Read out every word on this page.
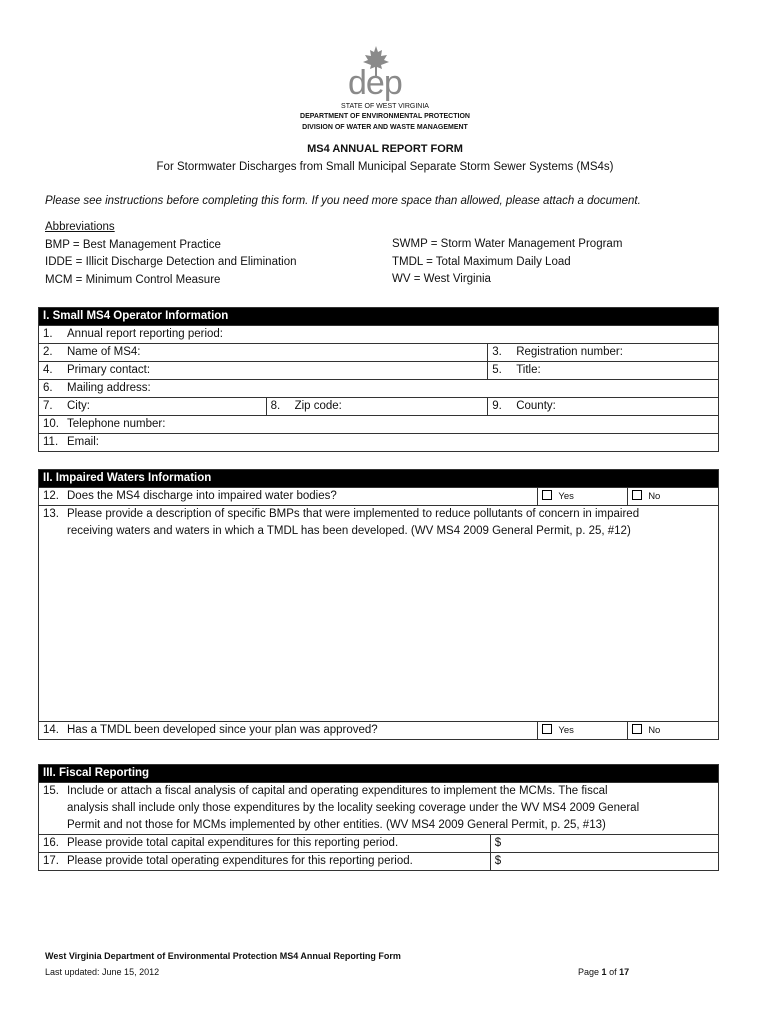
dep
STATE OF WEST VIRGINIA
DEPARTMENT OF ENVIRONMENTAL PROTECTION
DIVISION OF WATER AND WASTE MANAGEMENT
MS4 ANNUAL REPORT FORM
For Stormwater Discharges from Small Municipal Separate Storm Sewer Systems (MS4s)
Please see instructions before completing this form. If you need more space than allowed, please attach a document.
Abbreviations
BMP = Best Management Practice
IDDE = Illicit Discharge Detection and Elimination
MCM = Minimum Control Measure
SWMP = Storm Water Management Program
TMDL = Total Maximum Daily Load
WV = West Virginia
I. Small MS4 Operator Information		
1. Annual report reporting period:		
2. Name of MS4:		3. Registration number:
4. Primary contact:		5. Title:
6. Mailing address:		
7. City:	8. Zip code:	9. County:
10. Telephone number:		
11. Email:		
II. Impaired Waters Information		
12. Does the MS4 discharge into impaired water bodies?	Yes	No

13. Please provide a description of specific BMPs that were implemented to reduce pollutants of concern in impaired
receiving waters and waters in which a TMDL has been developed. (WV MS4 2009 General Permit, p. 25, #12)		

14. Has a TMDL been developed since your plan was approved?	Yes	No
III. Fiscal Reporting	

15. Include or attach a fiscal analysis of capital and operating expenditures to implement the MCMs. The fiscal
analysis shall include only those expenditures by the locality seeking coverage under the WV MS4 2009 General
Permit and not those for MCMs implemented by other entities. (WV MS4 2009 General Permit, p. 25, #13)	

16. Please provide total capital expenditures for this reporting period.	$
17. Please provide total operating expenditures for this reporting period.	$
West Virginia Department of Environmental Protection MS4 Annual Reporting Form
Last updated: June 15, 2012	Page 1 of 17
